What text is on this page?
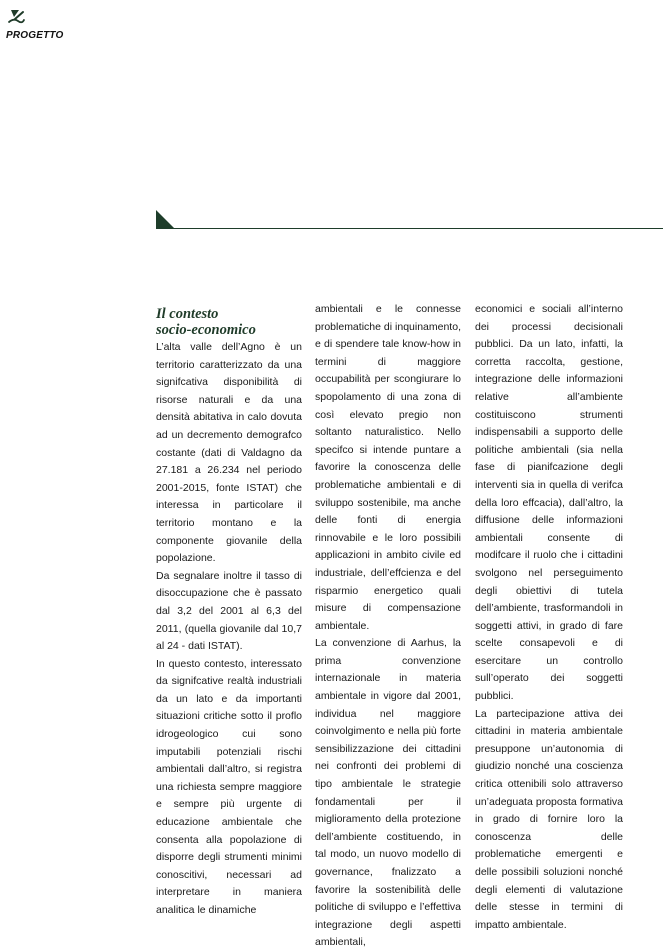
PROGETTO
Il contesto
socio-economico

L’alta valle dell’Agno è un territorio caratterizzato da una signifcativa disponibilità di risorse naturali e da una densità abitativa in calo dovuta ad un decremento demografco costante (dati di Valdagno da 27.181 a 26.234 nel periodo 2001-2015, fonte ISTAT) che interessa in particolare il territorio montano e la componente giovanile della popolazione.

Da segnalare inoltre il tasso di disoccupazione che è passato dal 3,2 del 2001 al 6,3 del 2011, (quella giovanile dal 10,7 al 24 - dati ISTAT).

In questo contesto, interessato da signifcative realtà industriali da un lato e da importanti situazioni critiche sotto il proflo idrogeologico cui sono imputabili potenziali rischi ambientali dall’altro, si registra una richiesta sempre maggiore e sempre più urgente di educazione ambientale che consenta alla popolazione di disporre degli strumenti minimi conoscitivi, necessari ad interpretare in maniera analitica le dinamiche

ambientali e le connesse problematiche di inquinamento, e di spendere tale know-how in termini di maggiore occupabilità per scongiurare lo spopolamento di una zona di così elevato pregio non soltanto naturalistico. Nello specifco si intende puntare a favorire la conoscenza delle problematiche ambientali e di sviluppo sostenibile, ma anche delle fonti di energia rinnovabile e le loro possibili applicazioni in ambito civile ed industriale, dell’effcienza e del risparmio energetico quali misure di compensazione ambientale.

La convenzione di Aarhus, la prima convenzione internazionale in materia ambientale in vigore dal 2001, individua nel maggiore coinvolgimento e nella più forte sensibilizzazione dei cittadini nei confronti dei problemi di tipo ambientale le strategie fondamentali per il miglioramento della protezione dell’ambiente costituendo, in tal modo, un nuovo modello di governance, fnalizzato a favorire la sostenibilità delle politiche di sviluppo e l’effettiva integrazione degli aspetti ambientali,

economici e sociali all’interno dei processi decisionali pubblici. Da un lato, infatti, la corretta raccolta, gestione, integrazione delle informazioni relative all’ambiente costituiscono strumenti indispensabili a supporto delle politiche ambientali (sia nella fase di pianifcazione degli interventi sia in quella di verifca della loro effcacia), dall’altro, la diffusione delle informazioni ambientali consente di modifcare il ruolo che i cittadini svolgono nel perseguimento degli obiettivi di tutela dell’ambiente, trasformandoli in soggetti attivi, in grado di fare scelte consapevoli e di esercitare un controllo sull’operato dei soggetti pubblici.

La partecipazione attiva dei cittadini in materia ambientale presuppone un’autonomia di giudizio nonché una coscienza critica ottenibili solo attraverso un’adeguata proposta formativa in grado di fornire loro la conoscenza delle problematiche emergenti e delle possibili soluzioni nonché degli elementi di valutazione delle stesse in termini di impatto ambientale.
